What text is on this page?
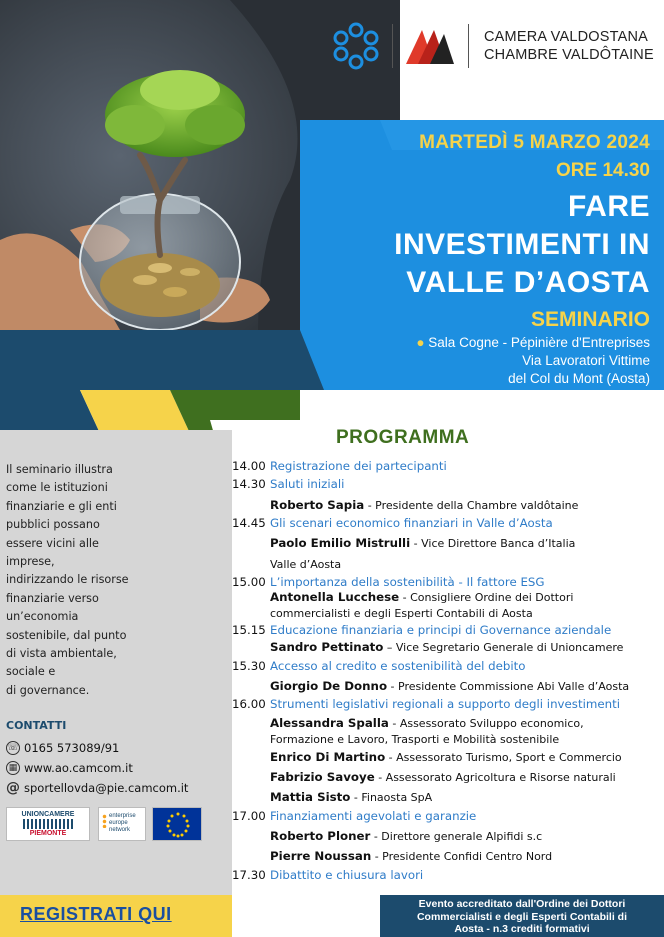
CAMERA VALDOSTANA
CHAMBRE VALDÔTAINE
MARTEDÌ 5 MARZO 2024
ORE 14.30
FARE
INVESTIMENTI IN
VALLE D’AOSTA
SEMINARIO
● Sala Cogne - Pépinière d'Entreprises
Via Lavoratori Vittime
del Col du Mont (Aosta)
PROGRAMMA
Il seminario illustra
come le istituzioni
finanziarie e gli enti
pubblici possano
essere vicini alle
imprese,
indirizzando le risorse
finanziarie verso
un’economia
sostenibile, dal punto
di vista ambientale,
sociale e
di governance.
CONTATTI
☏ 0165 573089/91
▦ www.ao.camcom.it
@ sportellovda@pie.camcom.it
UNIONCAMERE
PIEMONTE
enterprise
europe
network
REGISTRATI QUI
14.00 Registrazione dei partecipanti
14.30 Saluti iniziali
Roberto Sapia - Presidente della Chambre valdôtaine
14.45 Gli scenari economico finanziari in Valle d’Aosta
Paolo Emilio Mistrulli - Vice Direttore Banca d’Italia
Valle d’Aosta
15.00 L’importanza della sostenibilità - Il fattore ESG
Antonella Lucchese - Consigliere Ordine dei Dottori
commercialisti e degli Esperti Contabili di Aosta
15.15 Educazione finanziaria e principi di Governance aziendale
Sandro Pettinato – Vice Segretario Generale di Unioncamere
15.30 Accesso al credito e sostenibilità del debito
Giorgio De Donno - Presidente Commissione Abi Valle d’Aosta
16.00 Strumenti legislativi regionali a supporto degli investimenti
Alessandra Spalla - Assessorato Sviluppo economico,
Formazione e Lavoro, Trasporti e Mobilità sostenibile
Enrico Di Martino - Assessorato Turismo, Sport e Commercio
Fabrizio Savoye - Assessorato Agricoltura e Risorse naturali
Mattia Sisto - Finaosta SpA
17.00 Finanziamenti agevolati e garanzie
Roberto Ploner - Direttore generale Alpifidi s.c
Pierre Noussan - Presidente Confidi Centro Nord
17.30 Dibattito e chiusura lavori
Evento accreditato dall'Ordine dei Dottori
Commercialisti e degli Esperti Contabili di
Aosta - n.3 crediti formativi
